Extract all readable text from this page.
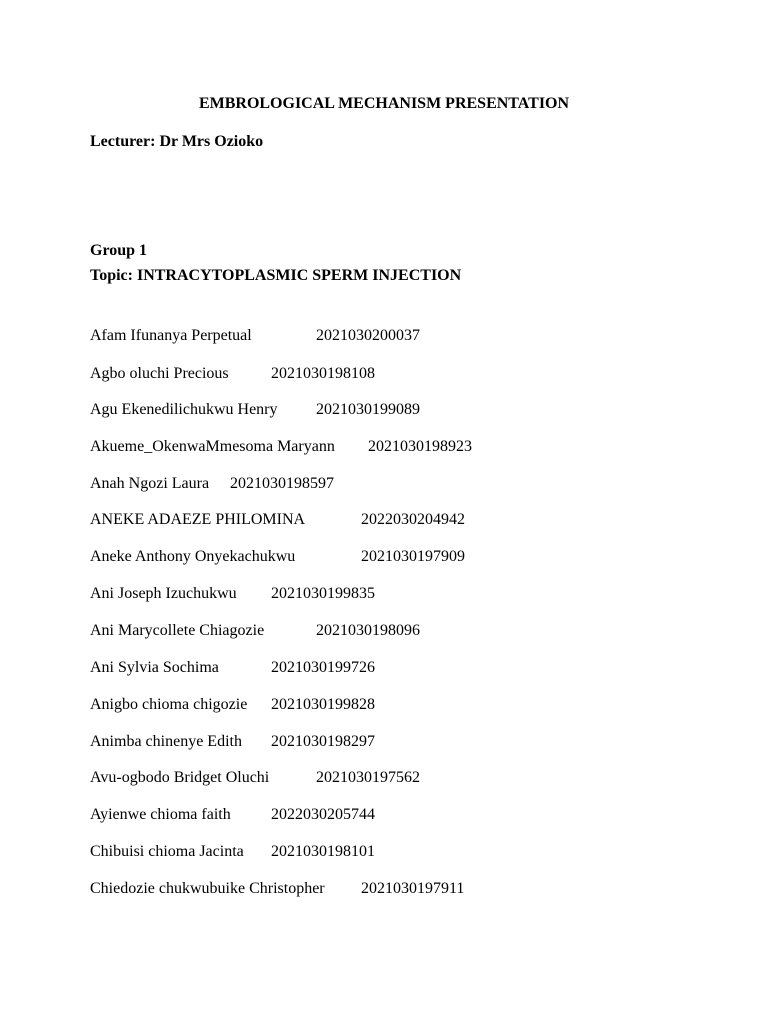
EMBROLOGICAL MECHANISM PRESENTATION
Lecturer: Dr Mrs Ozioko
Group 1
Topic: INTRACYTOPLASMIC SPERM INJECTION
Afam Ifunanya Perpetual	2021030200037
Agbo oluchi Precious	2021030198108
Agu Ekenedilichukwu Henry 2021030199089
Akueme_OkenwaMmesoma Maryann 2021030198923
Anah Ngozi Laura 2021030198597
ANEKE ADAEZE PHILOMINA	2022030204942
Aneke Anthony Onyekachukwu	2021030197909
Ani Joseph Izuchukwu 2021030199835
Ani Marycollete Chiagozie	2021030198096
Ani Sylvia Sochima	2021030199726
Anigbo chioma chigozie 2021030199828
Animba chinenye Edith 2021030198297
Avu-ogbodo Bridget Oluchi	2021030197562
Ayienwe chioma faith	2022030205744
Chibuisi chioma Jacinta 2021030198101
Chiedozie chukwubuike Christopher 2021030197911
